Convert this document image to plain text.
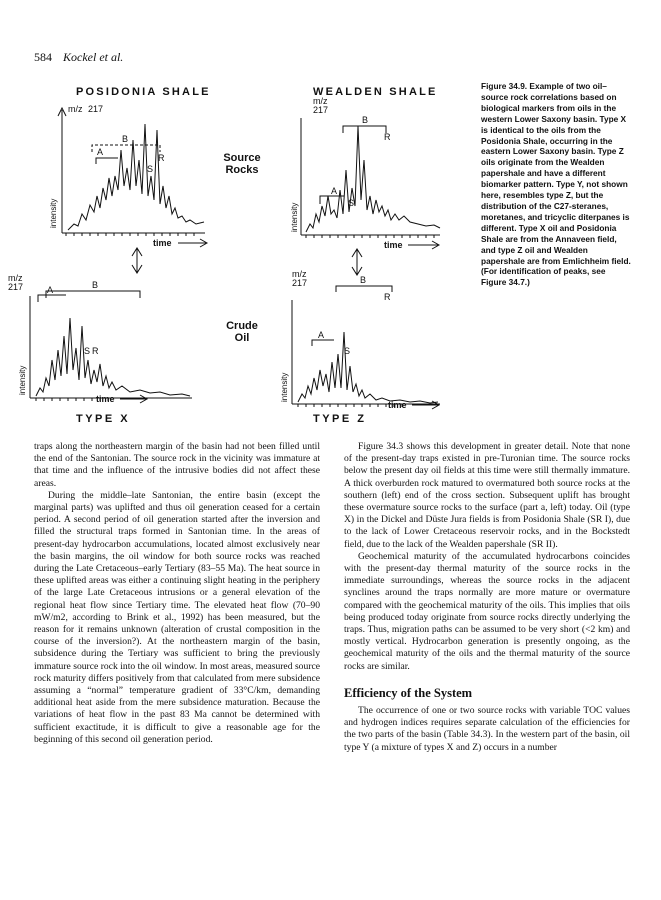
584 Kockel et al.
POSIDONIA SHALE	WEALDEN SHALE
m/z 217
m/z
217
m/z
217
m/z
217
intensity	intensity
intensity	intensity
time	time
time
time
B
A
R
S
B
R
A
S
B
A
S R
B
R
A
S
Source
Rocks
Crude
Oil
TYPE X	TYPE Z
Figure 34.9. Example of two oil–source rock correlations based on biological markers from oils in the western Lower Saxony basin. Type X is identical to the oils from the Posidonia Shale, occurring in the eastern Lower Saxony basin. Type Z oils originate from the Wealden papershale and have a different biomarker pattern. Type Y, not shown here, resembles type Z, but the distribution of the C27-steranes, moretanes, and tricyclic diterpanes is different. Type X oil and Posidonia Shale are from the Annaveen field, and type Z oil and Wealden papershale are from Emlichheim field. (For identification of peaks, see Figure 34.7.)

traps along the northeastern margin of the basin had not been filled until the end of the Santonian. The source rock in the vicinity was immature at that time and the influence of the intrusive bodies did not affect these areas.

During the middle–late Santonian, the entire basin (except the marginal parts) was uplifted and thus oil generation ceased for a certain period. A second period of oil generation started after the inversion and filled the structural traps formed in Santonian time. In the areas of present-day hydrocarbon accumulations, located almost exclusively near the basin margins, the oil window for both source rocks was reached during the Late Cretaceous–early Tertiary (83–55 Ma). The heat source in these uplifted areas was either a continuing slight heating in the periphery of the large Late Cretaceous intrusions or a general elevation of the regional heat flow since Tertiary time. The elevated heat flow (70–90 mW/m2, according to Brink et al., 1992) has been measured, but the reason for it remains unknown (alteration of crustal composition in the course of the inversion?). At the northeastern margin of the basin, subsidence during the Tertiary was sufficient to bring the previously immature source rock into the oil window. In most areas, measured source rock maturity differs positively from that calculated from mere subsidence assuming a “normal” temperature gradient of 33°C/km, demanding additional heat aside from the mere subsidence maturation. Because the variations of heat flow in the past 83 Ma cannot be determined with sufficient exactitude, it is difficult to give a reasonable age for the beginning of this second oil generation period.

Figure 34.3 shows this development in greater detail. Note that none of the present-day traps existed in pre-Turonian time. The source rocks below the present day oil fields at this time were still thermally immature. A thick overburden rock matured to overmatured both source rocks at the southern (left) end of the cross section. Subsequent uplift has brought these overmature source rocks to the surface (part a, left) today. Oil (type X) in the Dickel and Düste Jura fields is from Posidonia Shale (SR I), due to the lack of Lower Cretaceous reservoir rocks, and in the Bockstedt field, due to the lack of the Wealden papershale (SR II).

Geochemical maturity of the accumulated hydrocarbons coincides with the present-day thermal maturity of the source rocks in the immediate surroundings, whereas the source rocks in the adjacent synclines around the traps normally are more mature or overmature compared with the geochemical maturity of the oils. This implies that oils being produced today originate from source rocks directly underlying the traps. Thus, migration paths can be assumed to be very short (<2 km) and mostly vertical. Hydrocarbon generation is presently ongoing, as the geochemical maturity of the oils and the thermal maturity of the source rocks are similar.

Efficiency of the System

The occurrence of one or two source rocks with variable TOC values and hydrogen indices requires separate calculation of the efficiencies for the two parts of the basin (Table 34.3). In the western part of the basin, oil type Y (a mixture of types X and Z) occurs in a number
